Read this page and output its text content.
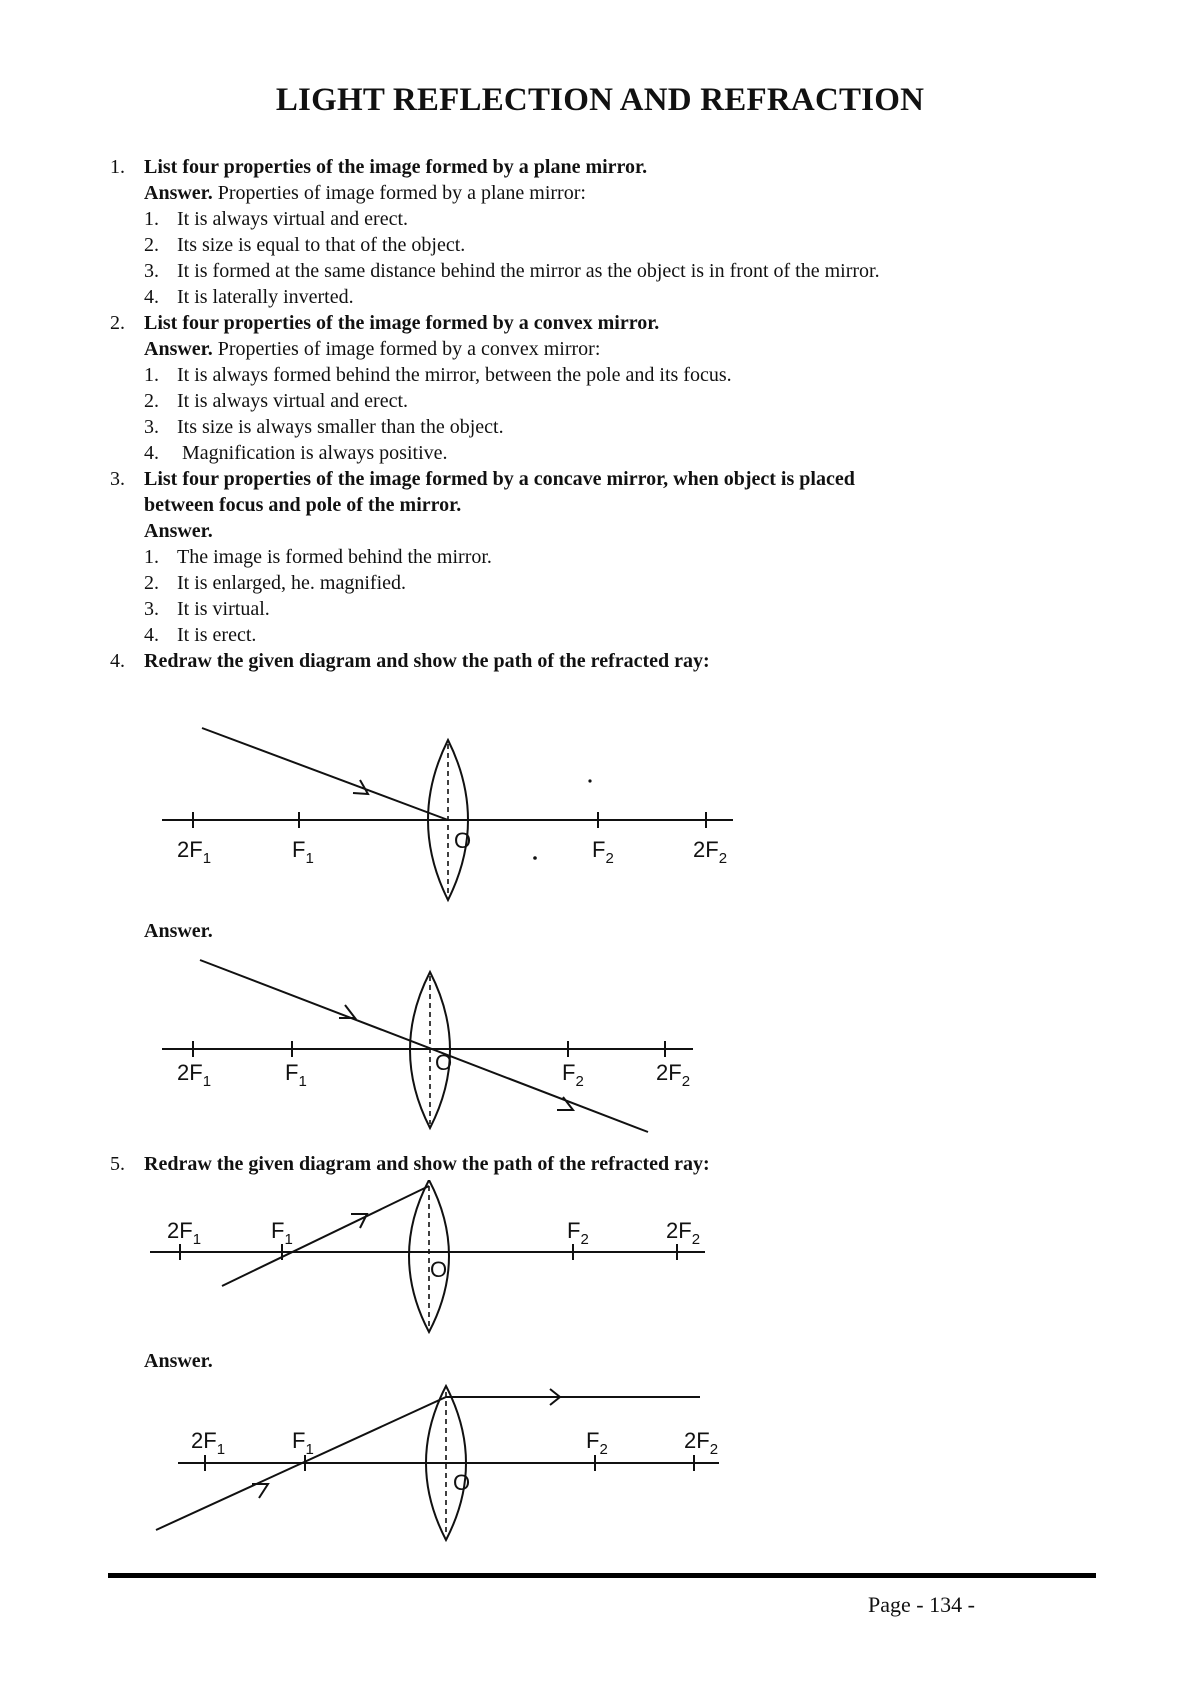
LIGHT REFLECTION AND REFRACTION
1. List four properties of the image formed by a plane mirror.
Answer. Properties of image formed by a plane mirror:
1. It is always virtual and erect.
2. Its size is equal to that of the object.
3. It is formed at the same distance behind the mirror as the object is in front of the mirror.
4. It is laterally inverted.
2. List four properties of the image formed by a convex mirror.
Answer. Properties of image formed by a convex mirror:
1. It is always formed behind the mirror, between the pole and its focus.
2. It is always virtual and erect.
3. Its size is always smaller than the object.
4. Magnification is always positive.
3. List four properties of the image formed by a concave mirror, when object is placed
between focus and pole of the mirror.
Answer.
1. The image is formed behind the mirror.
2. It is enlarged, he. magnified.
3. It is virtual.
4. It is erect.
4. Redraw the given diagram and show the path of the refracted ray:
$2F_1$	$F_1$
O	$F_2$	$2F_2$
Answer.
$2F_1$	$F_1$
O	$F_2$	$2F_2$
5. Redraw the given diagram and show the path of the refracted ray:
$2F_1$	$F_1$
O
$F_2$	$2F_2$
Answer.
$2F_1$	$F_1$
O
$F_2$	$2F_2$
Page - 134 -
